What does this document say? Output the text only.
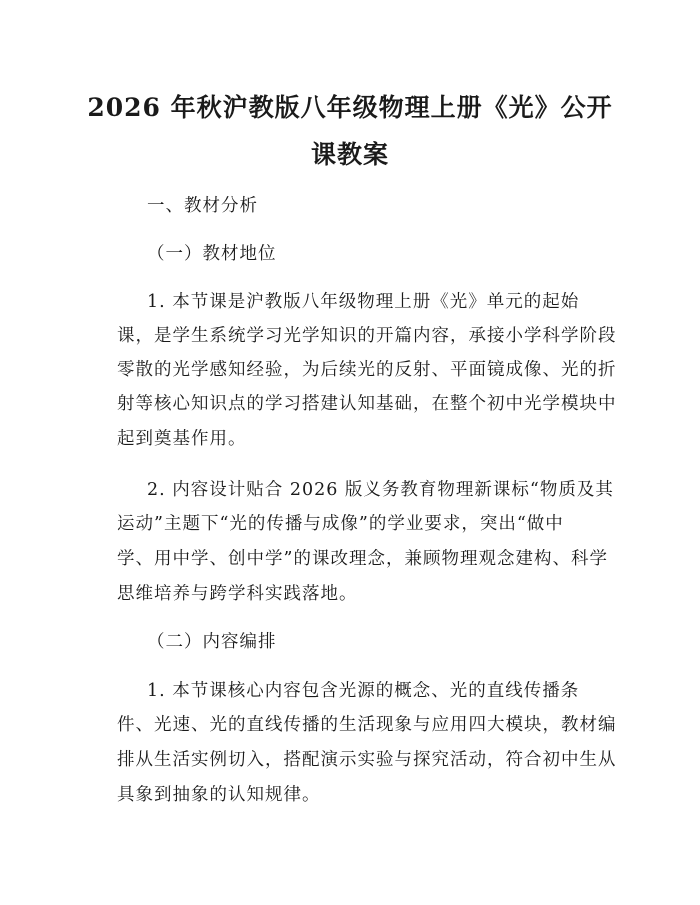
2026 年秋沪教版八年级物理上册《光》公开
课教案
一、教材分析
（一）教材地位
1. 本节课是沪教版八年级物理上册《光》单元的起始
课，是学生系统学习光学知识的开篇内容，承接小学科学阶段
零散的光学感知经验，为后续光的反射、平面镜成像、光的折
射等核心知识点的学习搭建认知基础，在整个初中光学模块中
起到奠基作用。
2. 内容设计贴合 2026 版义务教育物理新课标“物质及其
运动”主题下“光的传播与成像”的学业要求，突出“做中
学、用中学、创中学”的课改理念，兼顾物理观念建构、科学
思维培养与跨学科实践落地。
（二）内容编排
1. 本节课核心内容包含光源的概念、光的直线传播条
件、光速、光的直线传播的生活现象与应用四大模块，教材编
排从生活实例切入，搭配演示实验与探究活动，符合初中生从
具象到抽象的认知规律。
